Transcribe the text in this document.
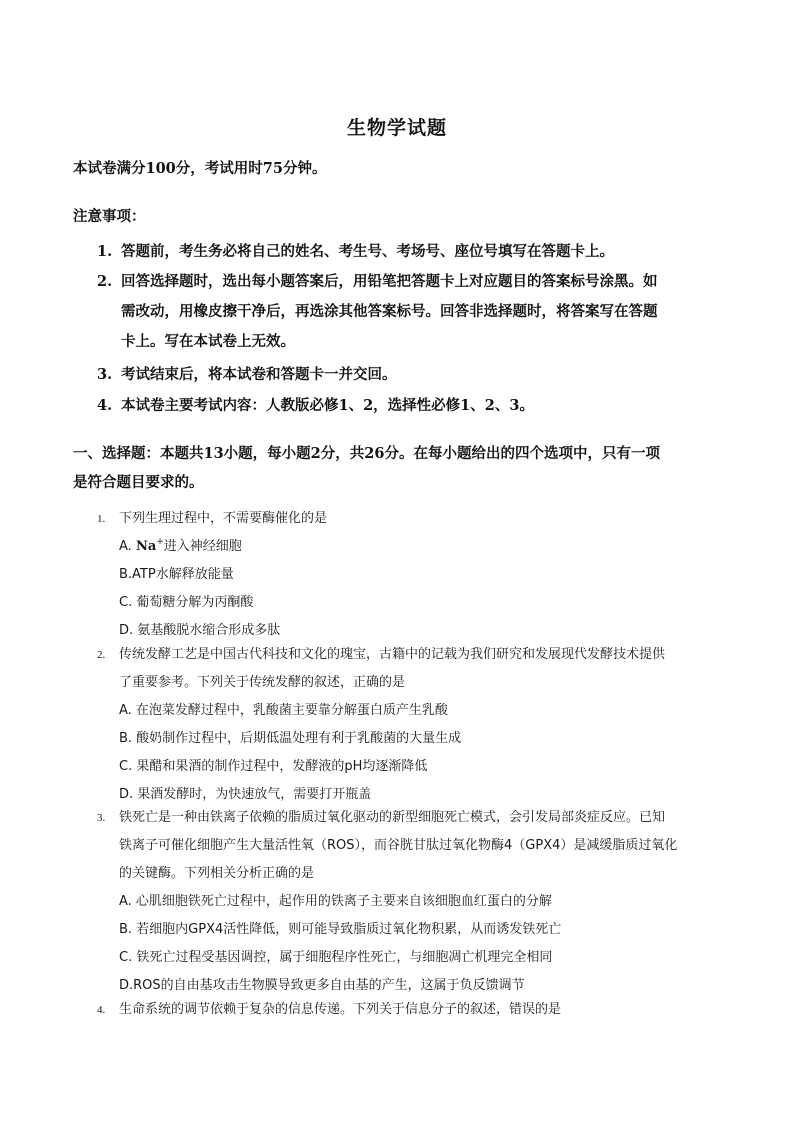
生物学试题
本试卷满分100分，考试用时75分钟。
注意事项：
1. 答题前，考生务必将自己的姓名、考生号、考场号、座位号填写在答题卡上。
2. 回答选择题时，选出每小题答案后，用铅笔把答题卡上对应题目的答案标号涂黑。如
需改动，用橡皮擦干净后，再选涂其他答案标号。回答非选择题时，将答案写在答题
卡上。写在本试卷上无效。
3. 考试结束后，将本试卷和答题卡一并交回。
4. 本试卷主要考试内容：人教版必修1、2，选择性必修1、2、3。
一、选择题：本题共13小题，每小题2分，共26分。在每小题给出的四个选项中，只有一项
是符合题目要求的。
1. 下列生理过程中，不需要酶催化的是
A. Na+进入神经细胞
B.ATP水解释放能量
C. 葡萄糖分解为丙酮酸
D. 氨基酸脱水缩合形成多肽
2. 传统发酵工艺是中国古代科技和文化的瑰宝，古籍中的记载为我们研究和发展现代发酵技术提供
了重要参考。下列关于传统发酵的叙述，正确的是
A. 在泡菜发酵过程中，乳酸菌主要靠分解蛋白质产生乳酸
B. 酸奶制作过程中，后期低温处理有利于乳酸菌的大量生成
C. 果醋和果酒的制作过程中，发酵液的pH均逐渐降低
D. 果酒发酵时，为快速放气，需要打开瓶盖
3. 铁死亡是一种由铁离子依赖的脂质过氧化驱动的新型细胞死亡模式，会引发局部炎症反应。已知
铁离子可催化细胞产生大量活性氧（ROS），而谷胱甘肽过氧化物酶4（GPX4）是减缓脂质过氧化
的关键酶。下列相关分析正确的是
A. 心肌细胞铁死亡过程中，起作用的铁离子主要来自该细胞血红蛋白的分解
B. 若细胞内GPX4活性降低，则可能导致脂质过氧化物积累，从而诱发铁死亡
C. 铁死亡过程受基因调控，属于细胞程序性死亡，与细胞凋亡机理完全相同
D.ROS的自由基攻击生物膜导致更多自由基的产生，这属于负反馈调节
4. 生命系统的调节依赖于复杂的信息传递。下列关于信息分子的叙述，错误的是
